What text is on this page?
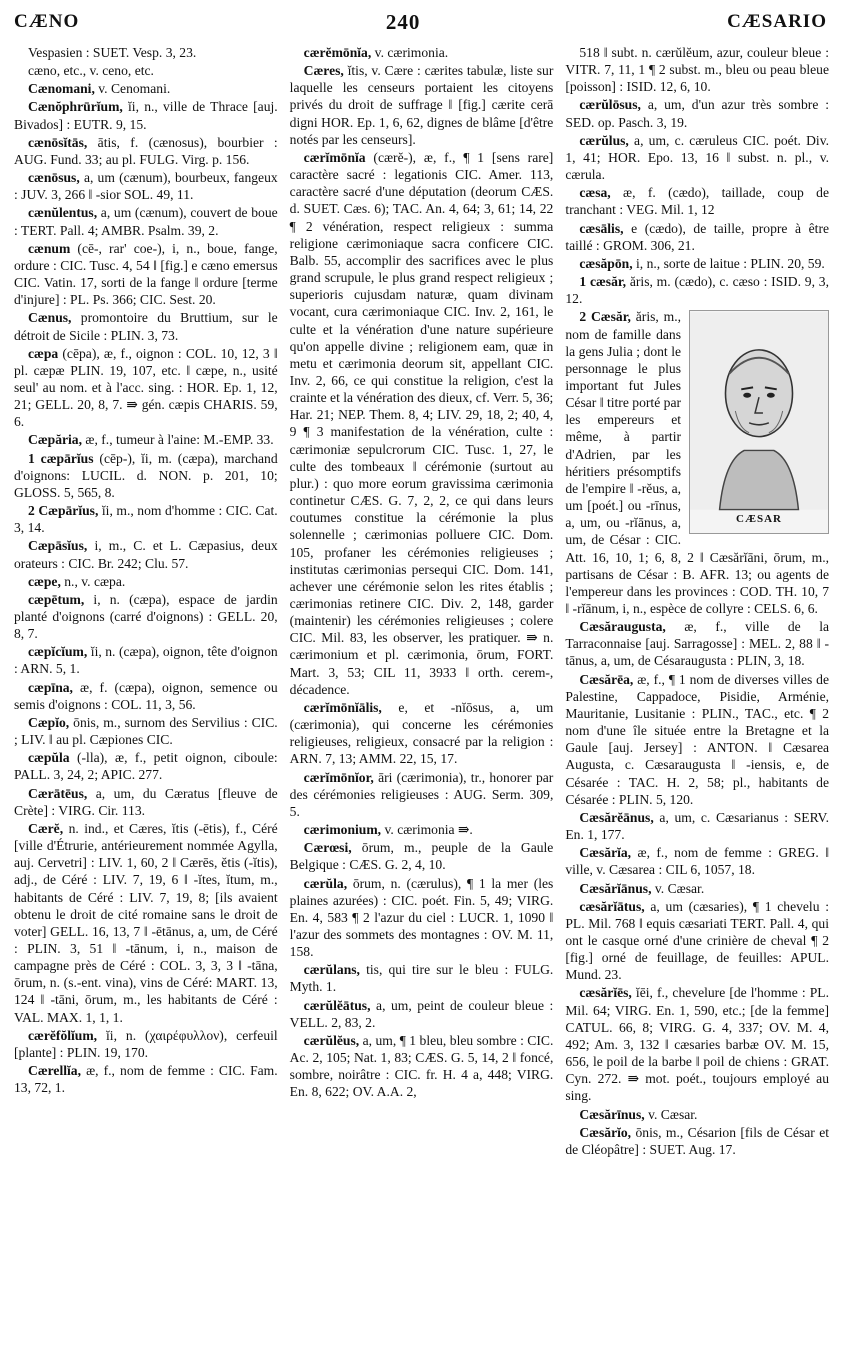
CÆNO	240	CÆSARIO

Vespasien : SUET. Vesp. 3, 23.

cæno, etc., v. ceno, etc.

Cænomani, v. Cenomani.

Cænŏphrūrĭum, ĭi, n., ville de Thrace [auj. Bivados] : EUTR. 9, 15.

cænōsĭtās, ātis, f. (cænosus), bourbier : AUG. Fund. 33; au pl. FULG. Virg. p. 156.

cænōsus, a, um (cænum), bourbeux, fangeux : JUV. 3, 266 ‖ -sior SOL. 49, 11.

cænŭlentus, a, um (cænum), couvert de boue : TERT. Pall. 4; AMBR. Psalm. 39, 2.

cænum (cē-, rar' coe-), i, n., boue, fange, ordure : CIC. Tusc. 4, 54 ‖ [fig.] e cæno emersus CIC. Vatin. 17, sorti de la fange ‖ ordure [terme d'injure] : PL. Ps. 366; CIC. Sest. 20.

Cænus, promontoire du Bruttium, sur le détroit de Sicile : PLIN. 3, 73.

cæpa (cēpa), æ, f., oignon : COL. 10, 12, 3 ‖ pl. cæpæ PLIN. 19, 107, etc. ‖ cæpe, n., usité seul' au nom. et à l'acc. sing. : HOR. Ep. 1, 12, 21; GELL. 20, 8, 7. ⇛ gén. cæpis CHARIS. 59, 6.

Cæpăria, æ, f., tumeur à l'aine: M.-EMP. 33.

1 cæpārĭus (cēp-), ĭi, m. (cæpa), marchand d'oignons: LUCIL. d. NON. p. 201, 10; GLOSS. 5, 565, 8.

2 Cæpārĭus, ĭi, m., nom d'homme : CIC. Cat. 3, 14.

Cæpāsĭus, i, m., C. et L. Cæpasius, deux orateurs : CIC. Br. 242; Clu. 57.

cæpe, n., v. cæpa.

cæpētum, i, n. (cæpa), espace de jardin planté d'oignons (carré d'oignons) : GELL. 20, 8, 7.

cæpĭcĭum, ĭi, n. (cæpa), oignon, tête d'oignon : ARN. 5, 1.

cæpīna, æ, f. (cæpa), oignon, semence ou semis d'oignons : COL. 11, 3, 56.

Cæpĭo, ōnis, m., surnom des Servilius : CIC. ; LIV. ‖ au pl. Cæpiones CIC.

cæpŭla (-lla), æ, f., petit oignon, ciboule: PALL. 3, 24, 2; APIC. 277.

Cærātēus, a, um, du Cæratus [fleuve de Crète] : VIRG. Cir. 113.

Cærĕ, n. ind., et Cæres, ĭtis (-ētis), f., Céré [ville d'Étrurie, antérieurement nommée Agylla, auj. Cervetri] : LIV. 1, 60, 2 ‖ Cærēs, ĕtis (-ĭtis), adj., de Céré : LIV. 7, 19, 6 ‖ -ĭtes, ĭtum, m., habitants de Céré : LIV. 7, 19, 8; [ils avaient obtenu le droit de cité romaine sans le droit de voter] GELL. 16, 13, 7 ‖ -ētānus, a, um, de Céré : PLIN. 3, 51 ‖ -tānum, i, n., maison de campagne près de Céré : COL. 3, 3, 3 ‖ -tāna, ōrum, n. (s.-ent. vina), vins de Céré: MART. 13, 124 ‖ -tāni, ōrum, m., les habitants de Céré : VAL. MAX. 1, 1, 1.

cærĕfŏlĭum, ĭi, n. (χαιρέφυλλον), cerfeuil [plante] : PLIN. 19, 170.

Cærellĭa, æ, f., nom de femme : CIC. Fam. 13, 72, 1.

cærĕmōnĭa, v. cærimonia.

Cæres, ĭtis, v. Cære : cærites tabulæ, liste sur laquelle les censeurs portaient les citoyens privés du droit de suffrage ‖ [fig.] cærite cerā digni HOR. Ep. 1, 6, 62, dignes de blâme [d'être notés par les censeurs].

cærĭmōnĭa (cærĕ-), æ, f., ¶ 1 [sens rare] caractère sacré : legationis CIC. Amer. 113, caractère sacré d'une députation (deorum CÆS. d. SUET. Cæs. 6); TAC. An. 4, 64; 3, 61; 14, 22 ¶ 2 vénération, respect religieux : summa religione cærimoniaque sacra conficere CIC. Balb. 55, accomplir des sacrifices avec le plus grand scrupule, le plus grand respect religieux ; superioris cujusdam naturæ, quam divinam vocant, cura cærimoniaque CIC. Inv. 2, 161, le culte et la vénération d'une nature supérieure qu'on appelle divine ; religionem eam, quæ in metu et cærimonia deorum sit, appellant CIC. Inv. 2, 66, ce qui constitue la religion, c'est la crainte et la vénération des dieux, cf. Verr. 5, 36; Har. 21; NEP. Them. 8, 4; LIV. 29, 18, 2; 40, 4, 9 ¶ 3 manifestation de la vénération, culte : cærimoniæ sepulcrorum CIC. Tusc. 1, 27, le culte des tombeaux ‖ cérémonie (surtout au plur.) : quo more eorum gravissima cærimonia continetur CÆS. G. 7, 2, 2, ce qui dans leurs coutumes constitue la cérémonie la plus solennelle ; cærimonias polluere CIC. Dom. 105, profaner les cérémonies religieuses ; institutas cærimonias persequi CIC. Dom. 141, achever une cérémonie selon les rites établis ; cærimonias retinere CIC. Div. 2, 148, garder (maintenir) les cérémonies religieuses ; colere CIC. Mil. 83, les observer, les pratiquer. ⇛ n. cærimonium et pl. cærimonia, ōrum, FORT. Mart. 3, 53; CIL 11, 3933 ‖ orth. cerem-, décadence.

cærĭmōnĭālis, e, et -nĭōsus, a, um (cærimonia), qui concerne les cérémonies religieuses, religieux, consacré par la religion : ARN. 7, 13; AMM. 22, 15, 17.

cærĭmōnĭor, āri (cærimonia), tr., honorer par des cérémonies religieuses : AUG. Serm. 309, 5.

cærimonium, v. cærimonia ⇛.

Cærœsi, ōrum, m., peuple de la Gaule Belgique : CÆS. G. 2, 4, 10.

cærŭla, ōrum, n. (cærulus), ¶ 1 la mer (les plaines azurées) : CIC. poét. Fin. 5, 49; VIRG. En. 4, 583 ¶ 2 l'azur du ciel : LUCR. 1, 1090 ‖ l'azur des sommets des montagnes : OV. M. 11, 158.

cærŭlans, tis, qui tire sur le bleu : FULG. Myth. 1.

cærŭlĕātus, a, um, peint de couleur bleue : VELL. 2, 83, 2.

cærŭlĕus, a, um, ¶ 1 bleu, bleu sombre : CIC. Ac. 2, 105; Nat. 1, 83; CÆS. G. 5, 14, 2 ‖ foncé, sombre, noirâtre : CIC. fr. H. 4 a, 448; VIRG. En. 8, 622; OV. A.A. 2,

518 ‖ subt. n. cærŭlĕum, azur, couleur bleue : VITR. 7, 11, 1 ¶ 2 subst. m., bleu ou peau bleue [poisson] : ISID. 12, 6, 10.

cærŭlōsus, a, um, d'un azur très sombre : SED. op. Pasch. 3, 19.

cærŭlus, a, um, c. cæruleus CIC. poét. Div. 1, 41; HOR. Epo. 13, 16 ‖ subst. n. pl., v. cærula.

cæsa, æ, f. (cædo), taillade, coup de tranchant : VEG. Mil. 1, 12

cæsālis, e (cædo), de taille, propre à être taillé : GROM. 306, 21.

cæsăpōn, i, n., sorte de laitue : PLIN. 20, 59.

1 cæsăr, ăris, m. (cædo), c. cæso : ISID. 9, 3, 12.

CÆSAR

2 Cæsăr, ăris, m., nom de famille dans la gens Julia ; dont le personnage le plus important fut Jules César ‖ titre porté par les empereurs et même, à partir d'Adrien, par les héritiers présomptifs de l'empire ‖ -rĕus, a, um [poét.] ou -rīnus, a, um, ou -rĭānus, a, um, de César : CIC. Att. 16, 10, 1; 6, 8, 2 ‖ Cæsărĭāni, ōrum, m., partisans de César : B. AFR. 13; ou agents de l'empereur dans les provinces : COD. TH. 10, 7 ‖ -rĭānum, i, n., espèce de collyre : CELS. 6, 6.

Cæsăraugusta, æ, f., ville de la Tarraconnaise [auj. Sarragosse] : MEL. 2, 88 ‖ -tānus, a, um, de Césaraugusta : PLIN, 3, 18.

Cæsărēa, æ, f., ¶ 1 nom de diverses villes de Palestine, Cappadoce, Pisidie, Arménie, Mauritanie, Lusitanie : PLIN., TAC., etc. ¶ 2 nom d'une île située entre la Bretagne et la Gaule [auj. Jersey] : ANTON. ‖ Cæsarea Augusta, c. Cæsaraugusta ‖ -iensis, e, de Césarée : TAC. H. 2, 58; pl., habitants de Césarée : PLIN. 5, 120.

Cæsărĕānus, a, um, c. Cæsarianus : SERV. En. 1, 177.

Cæsărĭa, æ, f., nom de femme : GREG. ‖ ville, v. Cæsarea : CIL 6, 1057, 18.

Cæsărĭānus, v. Cæsar.

cæsărĭātus, a, um (cæsaries), ¶ 1 chevelu : PL. Mil. 768 ‖ equis cæsariati TERT. Pall. 4, qui ont le casque orné d'une crinière de cheval ¶ 2 [fig.] orné de feuillage, de feuilles: APUL. Mund. 23.

cæsărĭēs, ĭēi, f., chevelure [de l'homme : PL. Mil. 64; VIRG. En. 1, 590, etc.; [de la femme] CATUL. 66, 8; VIRG. G. 4, 337; OV. M. 4, 492; Am. 3, 132 ‖ cæsaries barbæ OV. M. 15, 656, le poil de la barbe ‖ poil de chiens : GRAT. Cyn. 272. ⇛ mot. poét., toujours employé au sing.

Cæsărīnus, v. Cæsar.

Cæsărĭo, ōnis, m., Césarion [fils de César et de Cléopâtre] : SUET. Aug. 17.
